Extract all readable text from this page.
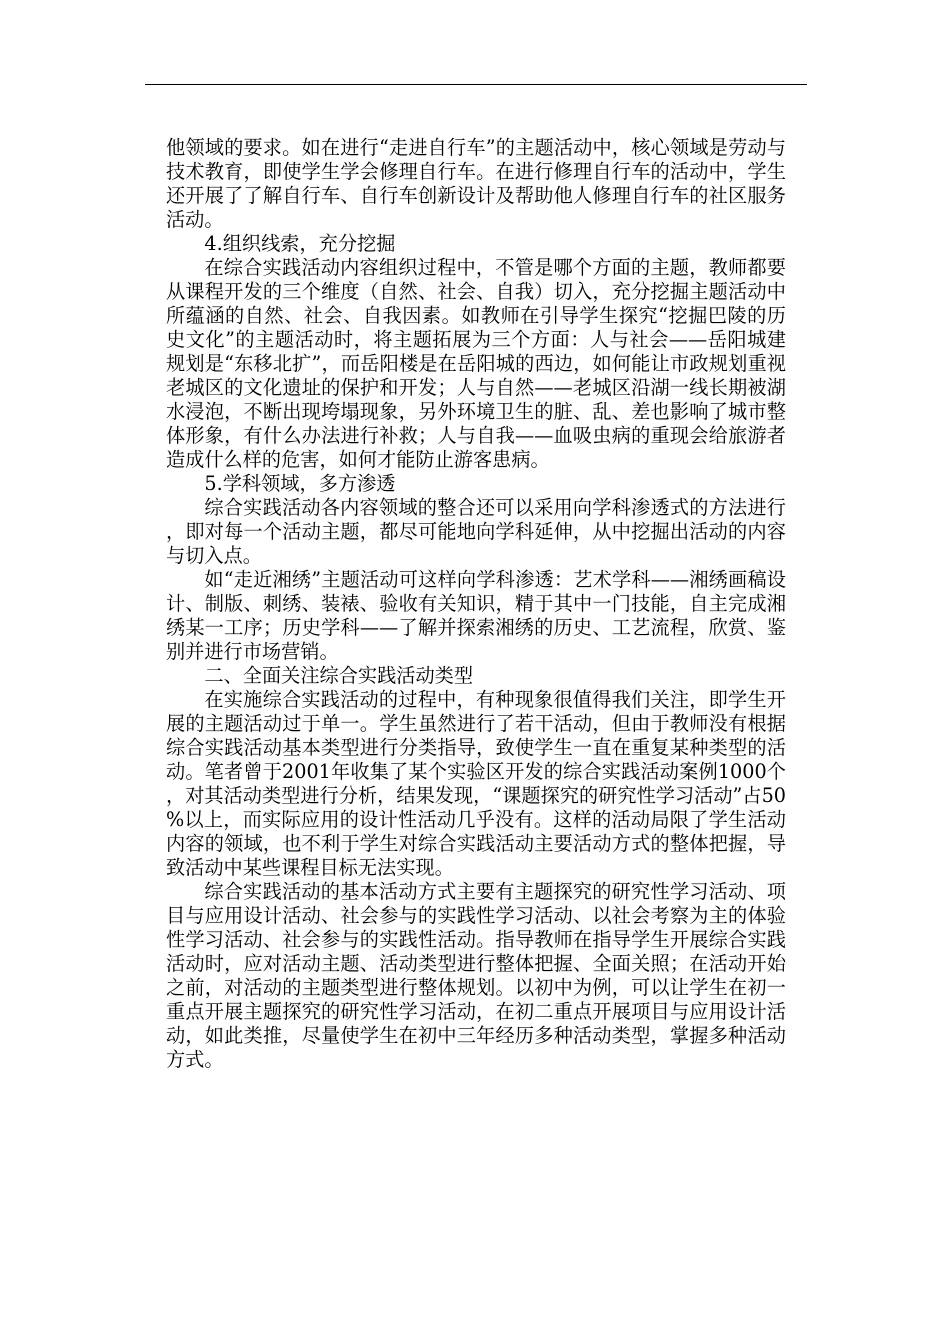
他领域的要求。如在进行“走进自行车”的主题活动中，核心领域是劳动与技术教育，即使学生学会修理自行车。在进行修理自行车的活动中，学生还开展了了解自行车、自行车创新设计及帮助他人修理自行车的社区服务活动。

4.组织线索，充分挖掘

在综合实践活动内容组织过程中，不管是哪个方面的主题，教师都要从课程开发的三个维度（自然、社会、自我）切入，充分挖掘主题活动中所蕴涵的自然、社会、自我因素。如教师在引导学生探究“挖掘巴陵的历史文化”的主题活动时，将主题拓展为三个方面：人与社会——岳阳城建规划是“东移北扩”，而岳阳楼是在岳阳城的西边，如何能让市政规划重视老城区的文化遗址的保护和开发；人与自然——老城区沿湖一线长期被湖水浸泡，不断出现垮塌现象，另外环境卫生的脏、乱、差也影响了城市整体形象，有什么办法进行补救；人与自我——血吸虫病的重现会给旅游者造成什么样的危害，如何才能防止游客患病。

5.学科领域，多方渗透

综合实践活动各内容领域的整合还可以采用向学科渗透式的方法进行，即对每一个活动主题，都尽可能地向学科延伸，从中挖掘出活动的内容与切入点。

如“走近湘绣”主题活动可这样向学科渗透：艺术学科——湘绣画稿设计、制版、刺绣、装裱、验收有关知识，精于其中一门技能，自主完成湘绣某一工序；历史学科——了解并探索湘绣的历史、工艺流程，欣赏、鉴别并进行市场营销。

二、全面关注综合实践活动类型

在实施综合实践活动的过程中，有种现象很值得我们关注，即学生开展的主题活动过于单一。学生虽然进行了若干活动，但由于教师没有根据综合实践活动基本类型进行分类指导，致使学生一直在重复某种类型的活动。笔者曾于2001年收集了某个实验区开发的综合实践活动案例1000个，对其活动类型进行分析，结果发现，“课题探究的研究性学习活动”占50%以上，而实际应用的设计性活动几乎没有。这样的活动局限了学生活动内容的领域，也不利于学生对综合实践活动主要活动方式的整体把握，导致活动中某些课程目标无法实现。

综合实践活动的基本活动方式主要有主题探究的研究性学习活动、项目与应用设计活动、社会参与的实践性学习活动、以社会考察为主的体验性学习活动、社会参与的实践性活动。指导教师在指导学生开展综合实践活动时，应对活动主题、活动类型进行整体把握、全面关照；在活动开始之前，对活动的主题类型进行整体规划。以初中为例，可以让学生在初一重点开展主题探究的研究性学习活动，在初二重点开展项目与应用设计活动，如此类推，尽量使学生在初中三年经历多种活动类型，掌握多种活动方式。
